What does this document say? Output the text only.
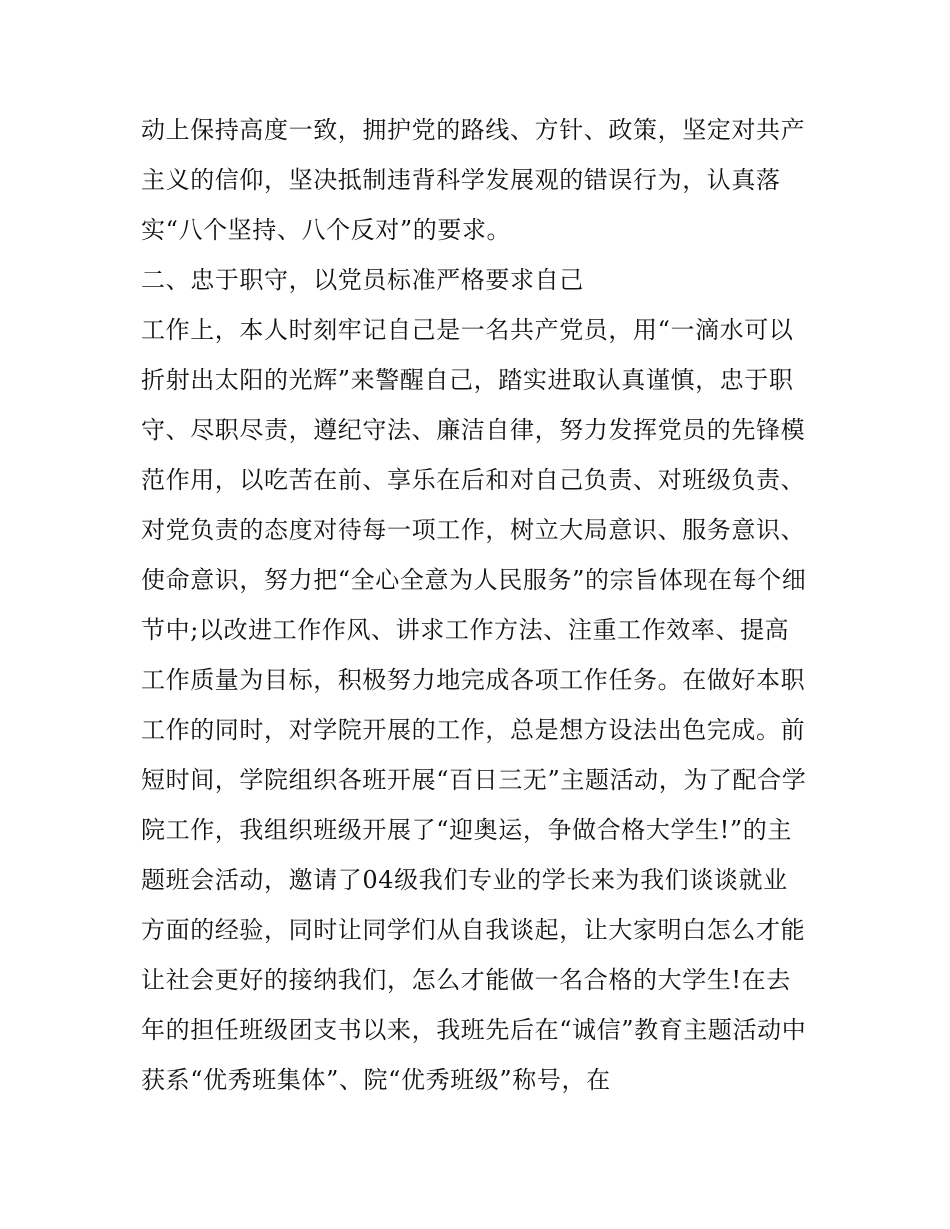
动上保持高度一致，拥护党的路线、方针、政策，坚定对共产
主义的信仰，坚决抵制违背科学发展观的错误行为，认真落
实“八个坚持、八个反对”的要求。
二、忠于职守，以党员标准严格要求自己
工作上，本人时刻牢记自己是一名共产党员，用“一滴水可以
折射出太阳的光辉”来警醒自己，踏实进取认真谨慎，忠于职
守、尽职尽责，遵纪守法、廉洁自律，努力发挥党员的先锋模
范作用，以吃苦在前、享乐在后和对自己负责、对班级负责、
对党负责的态度对待每一项工作，树立大局意识、服务意识、
使命意识，努力把“全心全意为人民服务”的宗旨体现在每个细
节中;以改进工作作风、讲求工作方法、注重工作效率、提高
工作质量为目标，积极努力地完成各项工作任务。在做好本职
工作的同时，对学院开展的工作，总是想方设法出色完成。前
短时间，学院组织各班开展“百日三无”主题活动，为了配合学
院工作，我组织班级开展了“迎奥运，争做合格大学生!”的主
题班会活动，邀请了04级我们专业的学长来为我们谈谈就业
方面的经验，同时让同学们从自我谈起，让大家明白怎么才能
让社会更好的接纳我们，怎么才能做一名合格的大学生!在去
年的担任班级团支书以来，我班先后在“诚信”教育主题活动中
获系“优秀班集体”、院“优秀班级”称号，在
